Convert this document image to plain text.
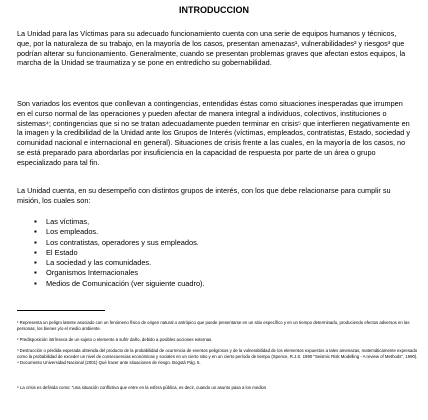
INTRODUCCION
La Unidad para las Víctimas para su adecuado funcionamiento cuenta con una serie de equipos humanos y técnicos, que, por la naturaleza de su trabajo, en la mayoría de los casos, presentan amenazas¹, vulnerabilidades² y riesgos³ que podrían alterar su funcionamiento. Generalmente, cuando se presentan problemas graves que afectan estos equipos, la marcha de la Unidad se traumatiza y se pone en entredicho su gobernabilidad.
Son variados los eventos que conllevan a contingencias, entendidas éstas como situaciones inesperadas que irrumpen en el curso normal de las operaciones y pueden afectar de manera integral a individuos, colectivos, instituciones o sistemas⁴; contingencias que si no se tratan adecuadamente pueden terminar en crisis⁵ que interfieren negativamente en la imagen y la credibilidad de la Unidad ante los Grupos de Interés (víctimas, empleados, contratistas, Estado, sociedad y comunidad nacional e internacional en general). Situaciones de crisis frente a las cuales, en la mayoría de los casos, no se está preparado para abordarlas por insuficiencia en la capacidad de respuesta por parte de un área o grupo especializado para tal fin.
La Unidad cuenta, en su desempeño con distintos grupos de interés, con los que debe relacionarse para cumplir su misión, los cuales son:
▪ Las víctimas,
▪ Los empleados.
▪ Los contratistas, operadores y sus empleados.
▪ El Estado
▪ La sociedad y las comunidades.
▪ Organismos Internacionales
▪ Medios de Comunicación (ver siguiente cuadro).
¹ Representa un peligro latente asociado con un fenómeno físico de origen natural o antrópico que puede presentarse en un sitio específico y en un tiempo determinado, produciendo efectos adversos en las personas, los bienes y/o el medio ambiente.
² Predisposición intrínseca de un sujeto o elemento a sufrir daño, debido a posibles acciones externas.
³ Destrucción o pérdida esperada obtenida del producto de la probabilidad de ocurrencia de eventos peligrosos y de la vulnerabilidad de los elementos expuestos a tales amenazas, matemáticamente expresado como la probabilidad de exceder un nivel de consecuencias económicas y sociales en un cierto sitio y en un cierto período de tiempo (Spence, R.J.S. 1990 "Seismic Risk Modelling - A review of Methods", 1990).
⁴ Documento Universidad Nacional (2001) Qué hacer ante situaciones de riesgo. Bogotá Pág. 5.
⁵ La crisis es definida como: "una situación conflictiva que entre en la esfera pública, es decir, cuando un asunto pasa a los medios
